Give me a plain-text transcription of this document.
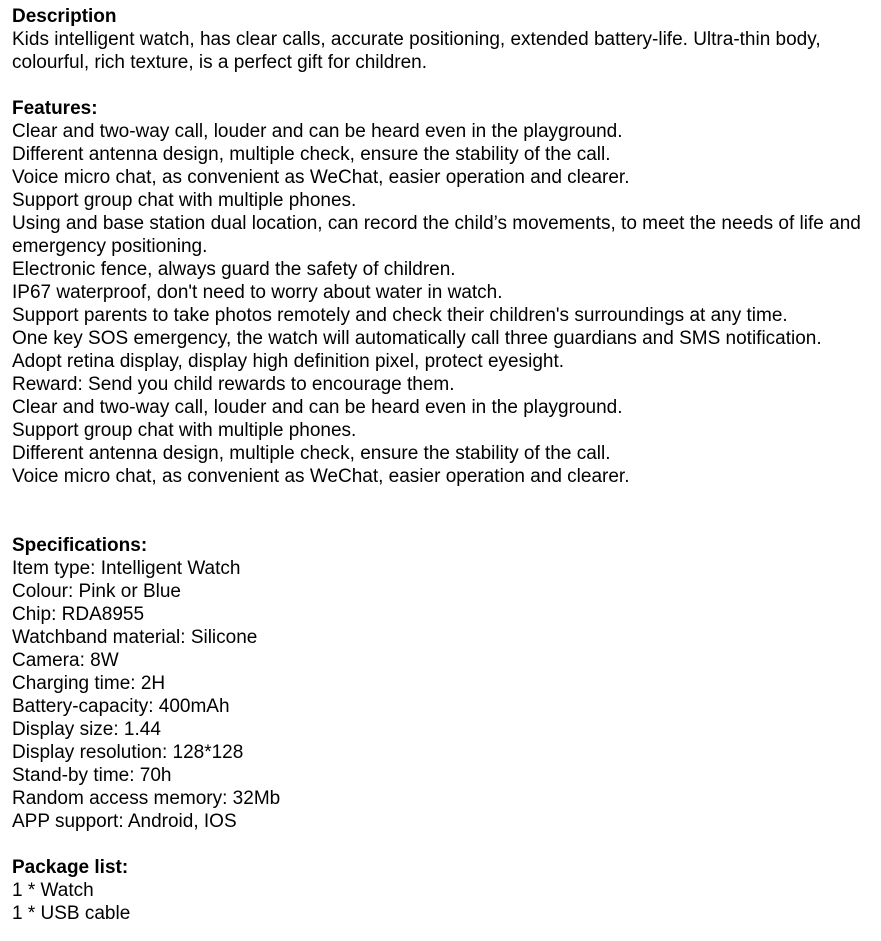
Description
Kids intelligent watch, has clear calls, accurate positioning, extended battery-life. Ultra-thin body, colourful, rich texture, is a perfect gift for children.
Features:
Clear and two-way call, louder and can be heard even in the playground.
Different antenna design, multiple check, ensure the stability of the call.
Voice micro chat, as convenient as WeChat, easier operation and clearer.
Support group chat with multiple phones.
Using and base station dual location, can record the child’s movements, to meet the needs of life and emergency positioning.
Electronic fence, always guard the safety of children.
IP67 waterproof, don't need to worry about water in watch.
Support parents to take photos remotely and check their children's surroundings at any time.
One key SOS emergency, the watch will automatically call three guardians and SMS notification.
Adopt retina display, display high definition pixel, protect eyesight.
Reward: Send you child rewards to encourage them.
Clear and two-way call, louder and can be heard even in the playground.
Support group chat with multiple phones.
Different antenna design, multiple check, ensure the stability of the call.
Voice micro chat, as convenient as WeChat, easier operation and clearer.
Specifications:
Item type: Intelligent Watch
Colour: Pink or Blue
Chip: RDA8955
Watchband material: Silicone
Camera: 8W
Charging time: 2H
Battery-capacity: 400mAh
Display size: 1.44
Display resolution: 128*128
Stand-by time: 70h
Random access memory: 32Mb
APP support: Android, IOS
Package list:
1 * Watch
1 * USB cable
